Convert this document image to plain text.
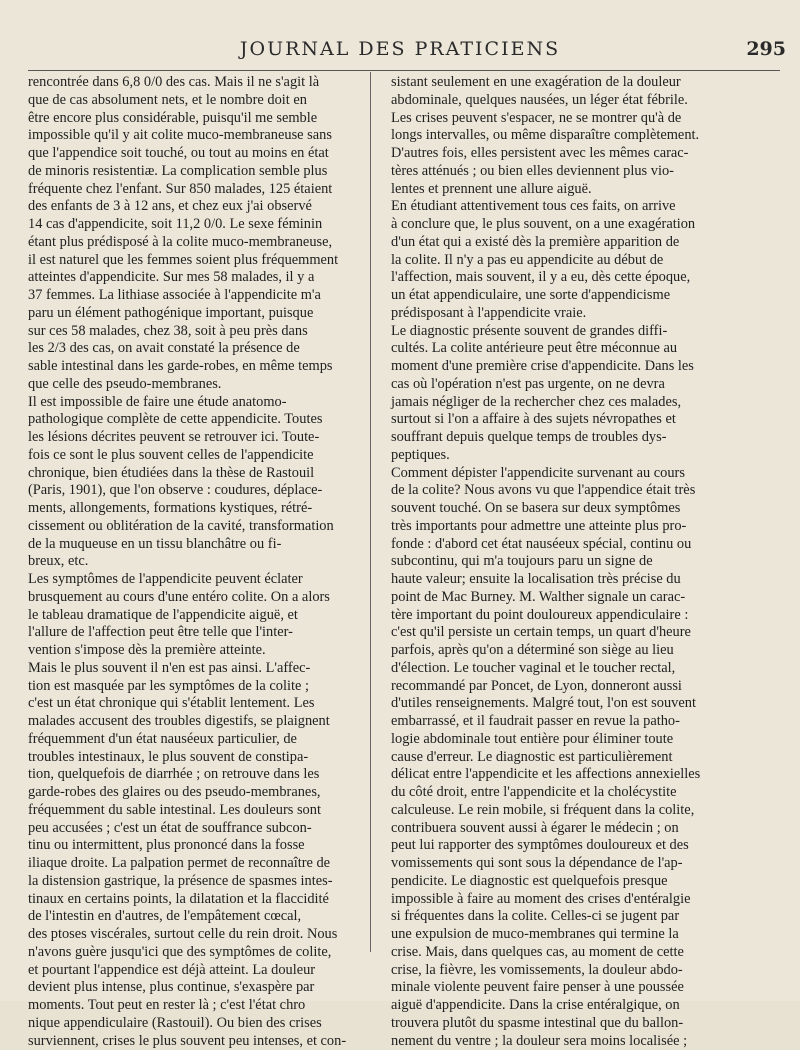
JOURNAL DES PRATICIENS	295

rencontrée dans 6,8 0/0 des cas. Mais il ne s'agit là

que de cas absolument nets, et le nombre doit en

être encore plus considérable, puisqu'il me semble

impossible qu'il y ait colite muco-membraneuse sans

que l'appendice soit touché, ou tout au moins en état

de minoris resistentiæ. La complication semble plus

fréquente chez l'enfant. Sur 850 malades, 125 étaient

des enfants de 3 à 12 ans, et chez eux j'ai observé

14 cas d'appendicite, soit 11,2 0/0. Le sexe féminin

étant plus prédisposé à la colite muco-membraneuse,

il est naturel que les femmes soient plus fréquemment

atteintes d'appendicite. Sur mes 58 malades, il y a

37 femmes. La lithiase associée à l'appendicite m'a

paru un élément pathogénique important, puisque

sur ces 58 malades, chez 38, soit à peu près dans

les 2/3 des cas, on avait constaté la présence de

sable intestinal dans les garde-robes, en même temps

que celle des pseudo-membranes.

Il est impossible de faire une étude anatomo-

pathologique complète de cette appendicite. Toutes

les lésions décrites peuvent se retrouver ici. Toute-

fois ce sont le plus souvent celles de l'appendicite

chronique, bien étudiées dans la thèse de Rastouil

(Paris, 1901), que l'on observe : coudures, déplace-

ments, allongements, formations kystiques, rétré-

cissement ou oblitération de la cavité, transformation

de la muqueuse en un tissu blanchâtre ou fi-

breux, etc.

Les symptômes de l'appendicite peuvent éclater

brusquement au cours d'une entéro colite. On a alors

le tableau dramatique de l'appendicite aiguë, et

l'allure de l'affection peut être telle que l'inter-

vention s'impose dès la première atteinte.

Mais le plus souvent il n'en est pas ainsi. L'affec-

tion est masquée par les symptômes de la colite ;

c'est un état chronique qui s'établit lentement. Les

malades accusent des troubles digestifs, se plaignent

fréquemment d'un état nauséeux particulier, de

troubles intestinaux, le plus souvent de constipa-

tion, quelquefois de diarrhée ; on retrouve dans les

garde-robes des glaires ou des pseudo-membranes,

fréquemment du sable intestinal. Les douleurs sont

peu accusées ; c'est un état de souffrance subcon-

tinu ou intermittent, plus prononcé dans la fosse

iliaque droite. La palpation permet de reconnaître de

la distension gastrique, la présence de spasmes intes-

tinaux en certains points, la dilatation et la flaccidité

de l'intestin en d'autres, de l'empâtement cœcal,

des ptoses viscérales, surtout celle du rein droit. Nous

n'avons guère jusqu'ici que des symptômes de colite,

et pourtant l'appendice est déjà atteint. La douleur

devient plus intense, plus continue, s'exaspère par

moments. Tout peut en rester là ; c'est l'état chro

nique appendiculaire (Rastouil). Ou bien des crises

surviennent, crises le plus souvent peu intenses, et con-

sistant seulement en une exagération de la douleur

abdominale, quelques nausées, un léger état fébrile.

Les crises peuvent s'espacer, ne se montrer qu'à de

longs intervalles, ou même disparaître complètement.

D'autres fois, elles persistent avec les mêmes carac-

tères atténués ; ou bien elles deviennent plus vio-

lentes et prennent une allure aiguë.

En étudiant attentivement tous ces faits, on arrive

à conclure que, le plus souvent, on a une exagération

d'un état qui a existé dès la première apparition de

la colite. Il n'y a pas eu appendicite au début de

l'affection, mais souvent, il y a eu, dès cette époque,

un état appendiculaire, une sorte d'appendicisme

prédisposant à l'appendicite vraie.

Le diagnostic présente souvent de grandes diffi-

cultés. La colite antérieure peut être méconnue au

moment d'une première crise d'appendicite. Dans les

cas où l'opération n'est pas urgente, on ne devra

jamais négliger de la rechercher chez ces malades,

surtout si l'on a affaire à des sujets névropathes et

souffrant depuis quelque temps de troubles dys-

peptiques.

Comment dépister l'appendicite survenant au cours

de la colite? Nous avons vu que l'appendice était très

souvent touché. On se basera sur deux symptômes

très importants pour admettre une atteinte plus pro-

fonde : d'abord cet état nauséeux spécial, continu ou

subcontinu, qui m'a toujours paru un signe de

haute valeur; ensuite la localisation très précise du

point de Mac Burney. M. Walther signale un carac-

tère important du point douloureux appendiculaire :

c'est qu'il persiste un certain temps, un quart d'heure

parfois, après qu'on a déterminé son siège au lieu

d'élection. Le toucher vaginal et le toucher rectal,

recommandé par Poncet, de Lyon, donneront aussi

d'utiles renseignements. Malgré tout, l'on est souvent

embarrassé, et il faudrait passer en revue la patho-

logie abdominale tout entière pour éliminer toute

cause d'erreur. Le diagnostic est particulièrement

délicat entre l'appendicite et les affections annexielles

du côté droit, entre l'appendicite et la cholécystite

calculeuse. Le rein mobile, si fréquent dans la colite,

contribuera souvent aussi à égarer le médecin ; on

peut lui rapporter des symptômes douloureux et des

vomissements qui sont sous la dépendance de l'ap-

pendicite. Le diagnostic est quelquefois presque

impossible à faire au moment des crises d'entéralgie

si fréquentes dans la colite. Celles-ci se jugent par

une expulsion de muco-membranes qui termine la

crise. Mais, dans quelques cas, au moment de cette

crise, la fièvre, les vomissements, la douleur abdo-

minale violente peuvent faire penser à une poussée

aiguë d'appendicite. Dans la crise entéralgique, on

trouvera plutôt du spasme intestinal que du ballon-

nement du ventre ; la douleur sera moins localisée ;
